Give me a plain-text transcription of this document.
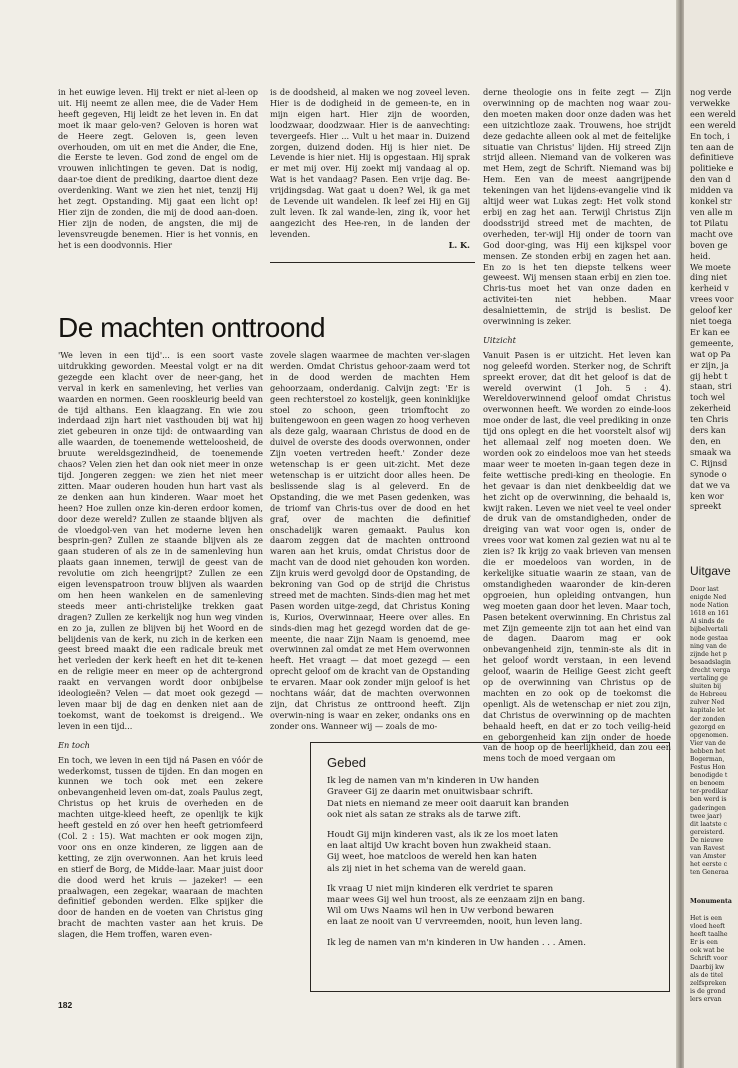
in het euwige leven. Hij trekt er niet al-leen op uit. Hij neemt ze allen mee, die de Vader Hem heeft gegeven, Hij leidt ze het leven in. En dat moet ik maar gelo-ven? Geloven is horen wat de Heere zegt. Geloven is, geen leven overhouden, om uit en met die Ander, die Ene, die Eerste te leven. God zond de engel om de vrouwen inlichtingen te geven. Dat is nodig, daar-toe dient de prediking, daartoe dient deze overdenking. Want we zien het niet, tenzij Hij het zegt. Opstanding. Mij gaat een licht op! Hier zijn de zonden, die mij de dood aan-doen. Hier zijn de noden, de angsten, die mij de levensvreugde benemen. Hier is het vonnis, en het is een doodvonnis. Hier

is de doodsheid, al maken we nog zoveel leven. Hier is de dodigheid in de gemeen-te, en in mijn eigen hart. Hier zijn de woorden, loodzwaar, doodzwaar. Hier is de aanvechting: tevergeefs. Hier ... Vult u het maar in. Duizend zorgen, duizend doden. Hij is hier niet. De Levende is hier niet. Hij is opgestaan. Hij sprak er met mij over. Hij zoekt mij vandaag al op. Wat is het vandaag? Pasen. Een vrije dag. Be-vrijdingsdag. Wat gaat u doen? Wel, ik ga met de Levende uit wandelen. Ik leef zei Hij en Gij zult leven. Ik zal wande-len, zing ik, voor het aangezicht des Hee-ren, in de landen der levenden.

L. K.

De machten onttroond

'We leven in een tijd'... is een soort vaste uitdrukking geworden. Meestal volgt er na dit gezegde een klacht over de neer-gang, het verval in kerk en samenleving, het verlies van waarden en normen. Geen rooskleurig beeld van de tijd althans. Een klaagzang. En wie zou inderdaad zijn hart niet vasthouden bij wat hij ziet gebeuren in onze tijd: de ontwaarding van alle waarden, de toenemende wetteloosheid, de bruute wereldsgezindheid, de toenemende chaos? Velen zien het dan ook niet meer in onze tijd. Jongeren zeggen: we zien het niet meer zitten. Maar ouderen houden hun hart vast als ze denken aan hun kinderen. Waar moet het heen? Hoe zullen onze kin-deren erdoor komen, door deze wereld? Zullen ze staande blijven als de vloedgol-ven van het moderne leven hen besprin-gen? Zullen ze staande blijven als ze gaan studeren of als ze in de samenleving hun plaats gaan innemen, terwijl de geest van de revolutie om zich heengrijpt? Zullen ze een eigen levenspatroon trouw blijven als waarden om hen heen wankelen en de samenleving steeds meer anti-christelijke trekken gaat dragen? Zullen ze kerkelijk nog hun weg vinden en zo ja, zullen ze blijven bij het Woord en de belijdenis van de kerk, nu zich in de kerken een geest breed maakt die een radicale breuk met het verleden der kerk heeft en het dit te-kenen en de religie meer en meer op de achtergrond raakt en vervangen wordt door onbijbelse ideologieën? Velen — dat moet ook gezegd — leven maar bij de dag en denken niet aan de toekomst, want de toekomst is dreigend.. We leven in een tijd...

En toch

En toch, we leven in een tijd ná Pasen en vóór de wederkomst, tussen de tijden. En dan mogen en kunnen we toch ook met een zekere onbevangenheid leven om-dat, zoals Paulus zegt, Christus op het kruis de overheden en de machten uitge-kleed heeft, ze openlijk te kijk heeft gesteld en zó over hen heeft getriomfeerd (Col. 2 : 15). Wat machten er ook mogen zijn, voor ons en onze kinderen, ze liggen aan de ketting, ze zijn overwonnen. Aan het kruis leed en stierf de Borg, de Midde-laar. Maar juist door die dood werd het kruis — jazeker! — een praalwagen, een zegekar, waaraan de machten definitief gebonden werden. Elke spijker die door de handen en de voeten van Christus ging bracht de machten vaster aan het kruis. De slagen, die Hem troffen, waren even-

zovele slagen waarmee de machten ver-slagen werden. Omdat Christus gehoor-zaam werd tot in de dood werden de machten Hem gehoorzaam, onderdanig. Calvijn zegt: 'Er is geen rechterstoel zo kostelijk, geen koninklijke stoel zo schoon, geen triomftocht zo buitengewoon en geen wagen zo hoog verheven als deze galg, waaraan Christus de dood en de duivel de overste des doods overwonnen, onder Zijn voeten vertreden heeft.' Zonder deze wetenschap is er geen uit-zicht. Met deze wetenschap is er uitzicht door alles heen. De beslissende slag is al geleverd. En de Opstanding, die we met Pasen gedenken, was de triomf van Chris-tus over de dood en het graf, over de machten die definitief onschadelijk waren gemaakt. Paulus kon daarom zeggen dat de machten onttroond waren aan het kruis, omdat Christus door de macht van de dood niet gehouden kon worden. Zijn kruis werd gevolgd door de Opstanding, de bekroning van God op de strijd die Christus streed met de machten. Sinds-dien mag het met Pasen worden uitge-zegd, dat Christus Koning is, Kurios, Overwinnaar, Heere over alles. En sinds-dien mag het gezegd worden dat de ge-meente, die naar Zijn Naam is genoemd, mee overwinnen zal omdat ze met Hem overwonnen heeft. Het vraagt — dat moet gezegd — een oprecht geloof om de kracht van de Opstanding te ervaren. Maar ook zonder mijn geloof is het nochtans wáár, dat de machten overwonnen zijn, dat Christus ze onttroond heeft. Zijn overwin-ning is waar en zeker, ondanks ons en zonder ons. Wanneer wij — zoals de mo-

derne theologie ons in feite zegt — Zijn overwinning op de machten nog waar zou-den moeten maken door onze daden was het een uitzichtloze zaak. Trouwens, hoe strijdt deze gedachte alleen ook al met de feitelijke situatie van Christus' lijden. Hij streed Zijn strijd alleen. Niemand van de volkeren was met Hem, zegt de Schrift. Niemand was bij Hem. Een van de meest aangrijpende tekeningen van het lijdens-evangelie vind ik altijd weer wat Lukas zegt: Het volk stond erbij en zag het aan. Terwijl Christus Zijn doodsstrijd streed met de machten, de overheden, ter-wijl Hij onder de toorn van God door-ging, was Hij een kijkspel voor mensen. Ze stonden erbij en zagen het aan. En zo is het ten diepste telkens weer geweest. Wij mensen staan erbij en zien toe. Chris-tus moet het van onze daden en activitei-ten niet hebben. Maar desalniettemin, de strijd is beslist. De overwinning is zeker.

Uitzicht

Vanuit Pasen is er uitzicht. Het leven kan nog geleefd worden. Sterker nog, de Schrift spreekt erover, dat dit het geloof is dat de wereld overwint (1 Joh. 5 : 4). Wereldoverwinnend geloof omdat Christus overwonnen heeft. We worden zo einde-loos moe onder de last, die veel prediking in onze tijd ons oplegt en die het voorstelt alsof wij het allemaal zelf nog moeten doen. We worden ook zo eindeloos moe van het steeds maar weer te moeten in-gaan tegen deze in feite wettische predi-king en theologie. En het gevaar is dan niet denkbeeldig dat we het zicht op de overwinning, die behaald is, kwijt raken. Leven we niet veel te veel onder de druk van de omstandigheden, onder de dreiging van wat voor ogen is, onder de vrees voor wat komen zal gezien wat nu al te zien is? Ik krijg zo vaak brieven van mensen die er moedeloos van worden, in de kerkelijke situatie waarin ze staan, van de omstandigheden waaronder de kin-deren opgroeien, hun opleiding ontvangen, hun weg moeten gaan door het leven. Maar toch, Pasen betekent overwinning. En Christus zal met Zijn gemeente zijn tot aan het eind van de dagen. Daarom mag er ook onbevangenheid zijn, tenmin-ste als dit in het geloof wordt verstaan, in een levend geloof, waarin de Heilige Geest zicht geeft op de overwinning van Christus op de machten en zo ook op de toekomst die openligt. Als de wetenschap er niet zou zijn, dat Christus de overwinning op de machten behaald heeft, en dat er zo toch veilig-heid en geborgenheid kan zijn onder de hoede van de hoop op de heerlijkheid, dan zou een mens toch de moed vergaan om

Gebed

Ik leg de namen van m'n kinderen in Uw handen
Graveer Gij ze daarin met onuitwisbaar schrift.
Dat niets en niemand ze meer ooit daaruit kan branden
ook niet als satan ze straks als de tarwe zift.

Houdt Gij mijn kinderen vast, als ik ze los moet laten
en laat altijd Uw kracht boven hun zwakheid staan.
Gij weet, hoe matcloos de wereld hen kan haten
als zij niet in het schema van de wereld gaan.

Ik vraag U niet mijn kinderen elk verdriet te sparen
maar wees Gij wel hun troost, als ze eenzaam zijn en bang.
Wil om Uws Naams wil hen in Uw verbond bewaren
en laat ze nooit van U vervreemden, nooit, hun leven lang.

Ik leg de namen van m'n kinderen in Uw handen . . . Amen.

182
nog verde
verwekke
een wereld
een wereld
En toch, i
ten aan de
definitieve
politieke e
den van d
midden va
konkel str
ven alle m
tot Pilatu
macht ove
boven ge
heid.
We moete
ding niet
kerheid v
vrees voor
geloof ker
niet toega
Er kan ee
gemeente,
wat op Pa
er zijn, ja
gij hebt t
staan, stri
toch wel
zekerheid
ten Chris
ders kan
den, en
smaak wa
C. Rijnsd
synode o
dat we va
ken wor
spreekt
Uitgave
Door last
enigde Ned
node Nation
1618 en 161
Al sinds de
bijbelvertali
node gestaa
ning van de
zijnde het p
besaadslagin
drecht verga
vertaling ge
sluiten bij
de Hebreeu
zulver Ned
kapitale let
der zonden
gezorgd en
opgenomen.
Vier van de
hebben het
Bogerman,
Festus Hon
benodigde t
en benoem
ter-predikar
ben werd is
gaderingen
twee jaar)
dit laatste c
gereisterd.
De nieuwe
van Ravest
van Amster
het eerste c
ten Generaa
Monumenta
Het is een
vloed heeft
heeft taalhe
Er is een
ook wat be
Schrift voor
Daarbij kw
als de titel
zelfspreken
is de grond
lers ervan
